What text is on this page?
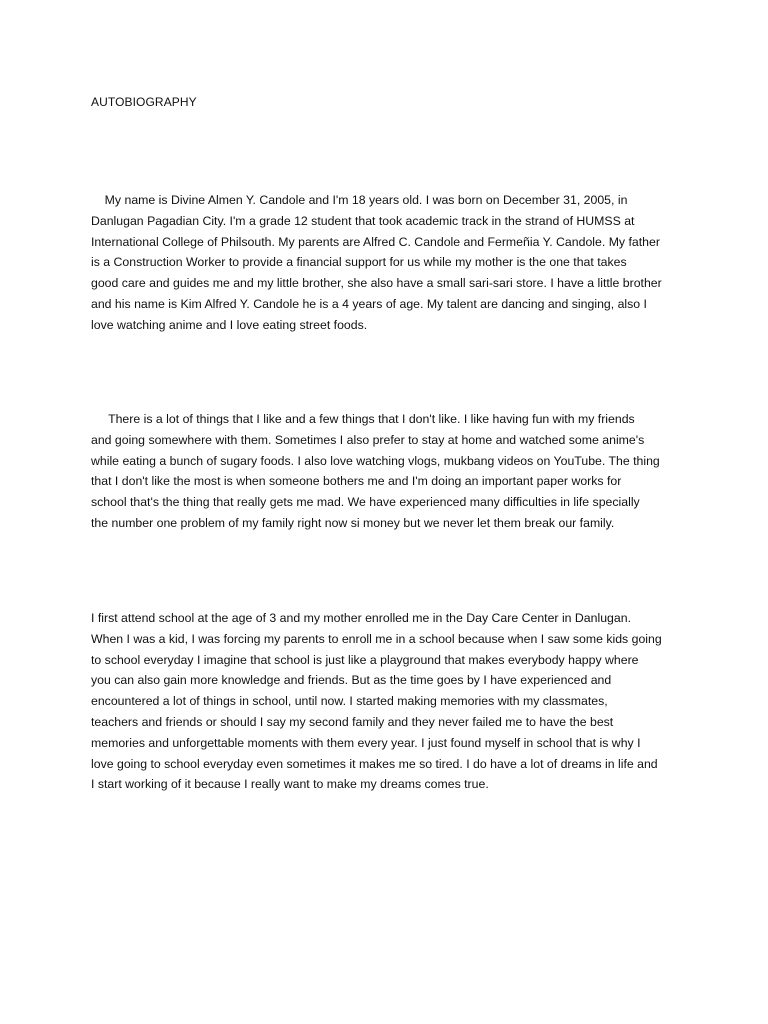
AUTOBIOGRAPHY

My name is Divine Almen Y. Candole and I'm 18 years old. I was born on December 31, 2005, in
Danlugan Pagadian City. I'm a grade 12 student that took academic track in the strand of HUMSS at
International College of Philsouth. My parents are Alfred C. Candole and Fermeñia Y. Candole. My father
is a Construction Worker to provide a financial support for us while my mother is the one that takes
good care and guides me and my little brother, she also have a small sari-sari store. I have a little brother
and his name is Kim Alfred Y. Candole he is a 4 years of age. My talent are dancing and singing, also I
love watching anime and I love eating street foods.

There is a lot of things that I like and a few things that I don't like. I like having fun with my friends
and going somewhere with them. Sometimes I also prefer to stay at home and watched some anime's
while eating a bunch of sugary foods. I also love watching vlogs, mukbang videos on YouTube. The thing
that I don't like the most is when someone bothers me and I'm doing an important paper works for
school that's the thing that really gets me mad. We have experienced many difficulties in life specially
the number one problem of my family right now si money but we never let them break our family.

I first attend school at the age of 3 and my mother enrolled me in the Day Care Center in Danlugan.
When I was a kid, I was forcing my parents to enroll me in a school because when I saw some kids going
to school everyday I imagine that school is just like a playground that makes everybody happy where
you can also gain more knowledge and friends. But as the time goes by I have experienced and
encountered a lot of things in school, until now. I started making memories with my classmates,
teachers and friends or should I say my second family and they never failed me to have the best
memories and unforgettable moments with them every year. I just found myself in school that is why I
love going to school everyday even sometimes it makes me so tired. I do have a lot of dreams in life and
I start working of it because I really want to make my dreams comes true.
